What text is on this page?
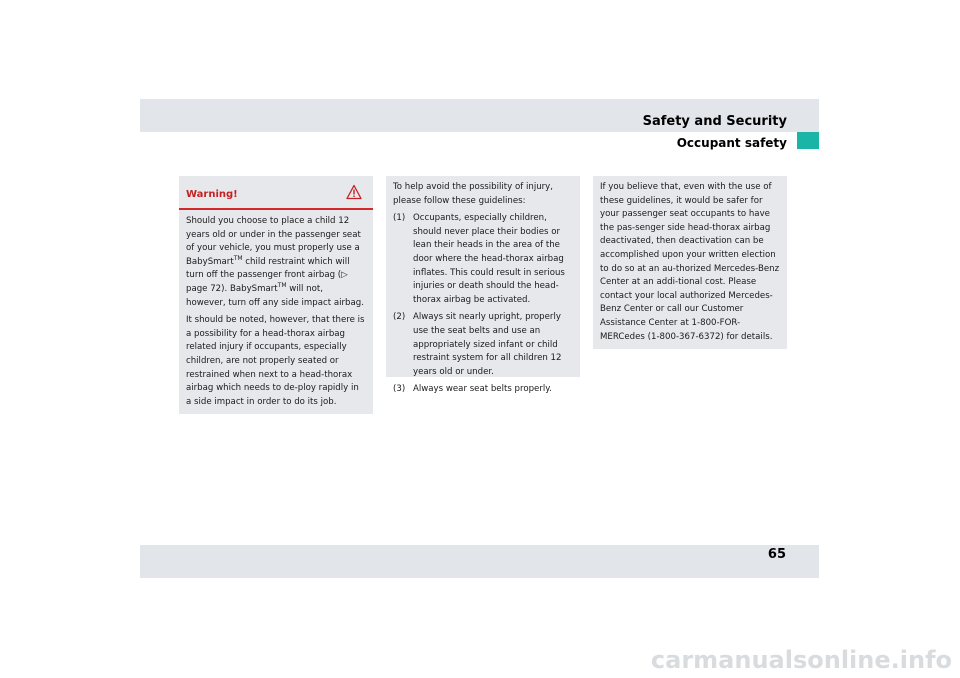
Safety and Security
Occupant safety
Warning!

Should you choose to place a child 12 years old or under in the passenger seat of your vehicle, you must properly use a BabySmart™ child restraint which will turn off the passenger front airbag (▷ page 72). BabySmart™ will not, however, turn off any side impact airbag.

It should be noted, however, that there is a possibility for a head-thorax airbag related injury if occupants, especially children, are not properly seated or restrained when next to a head-thorax airbag which needs to de-ploy rapidly in a side impact in order to do its job.

To help avoid the possibility of injury, please follow these guidelines:
(1) Occupants, especially children, should never place their bodies or lean their heads in the area of the door where the head-thorax airbag inflates. This could result in serious injuries or death should the head-thorax airbag be activated.
(2) Always sit nearly upright, properly use the seat belts and use an appropriately sized infant or child restraint system for all children 12 years old or under.
(3) Always wear seat belts properly.
If you believe that, even with the use of these guidelines, it would be safer for your passenger seat occupants to have the pas-senger side head-thorax airbag deactivated, then deactivation can be accomplished upon your written election to do so at an au-thorized Mercedes-Benz Center at an addi-tional cost. Please contact your local authorized Mercedes-Benz Center or call our Customer Assistance Center at 1-800-FOR-MERCedes (1-800-367-6372) for details.
65
carmanualsonline.info
